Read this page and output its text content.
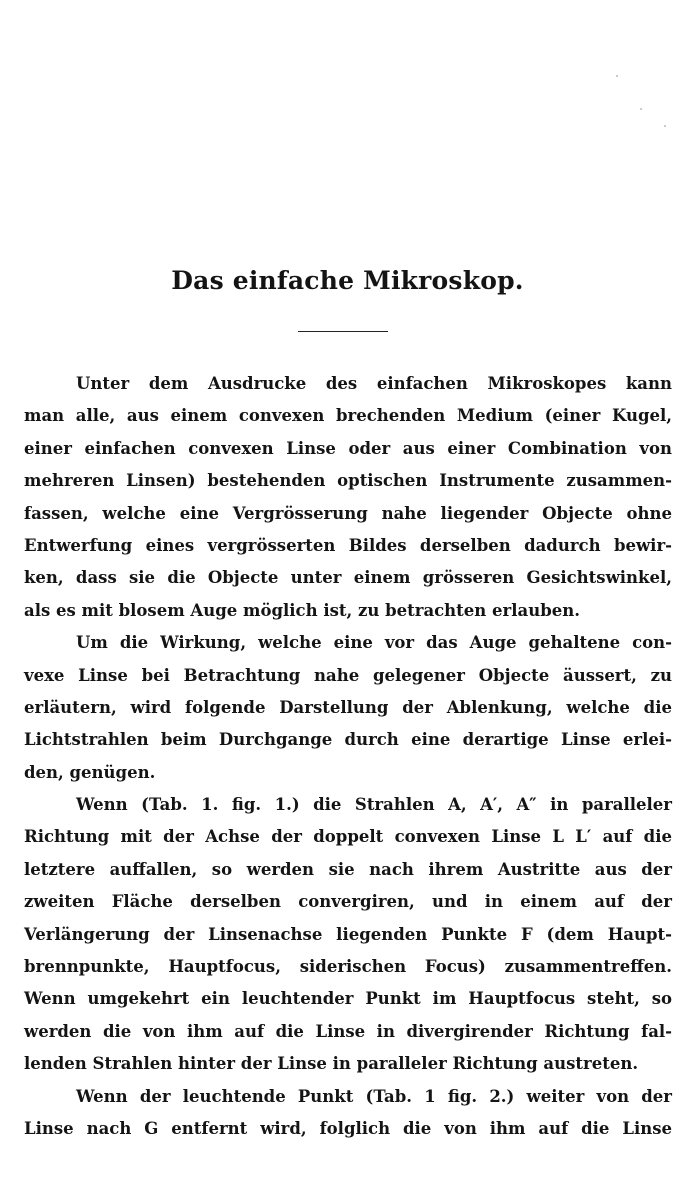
Das einfache Mikroskop.
Unter dem Ausdrucke des einfachen Mikroskopes kann
man alle, aus einem convexen brechenden Medium (einer Kugel,
einer einfachen convexen Linse oder aus einer Combination von
mehreren Linsen) bestehenden optischen Instrumente zusammen-
fassen, welche eine Vergrösserung nahe liegender Objecte ohne
Entwerfung eines vergrösserten Bildes derselben dadurch bewir-
ken, dass sie die Objecte unter einem grösseren Gesichtswinkel,
als es mit blosem Auge möglich ist, zu betrachten erlauben.
Um die Wirkung, welche eine vor das Auge gehaltene con-
vexe Linse bei Betrachtung nahe gelegener Objecte äussert, zu
erläutern, wird folgende Darstellung der Ablenkung, welche die
Lichtstrahlen beim Durchgange durch eine derartige Linse erlei-
den, genügen.
Wenn (Tab. 1. fig. 1.) die Strahlen A, A′, A″ in paralleler
Richtung mit der Achse der doppelt convexen Linse L L′ auf die
letztere auffallen, so werden sie nach ihrem Austritte aus der
zweiten Fläche derselben convergiren, und in einem auf der
Verlängerung der Linsenachse liegenden Punkte F (dem Haupt-
brennpunkte, Hauptfocus, siderischen Focus) zusammentreffen.
Wenn umgekehrt ein leuchtender Punkt im Hauptfocus steht, so
werden die von ihm auf die Linse in divergirender Richtung fal-
lenden Strahlen hinter der Linse in paralleler Richtung austreten.
Wenn der leuchtende Punkt (Tab. 1 fig. 2.) weiter von der
Linse nach G entfernt wird, folglich die von ihm auf die Linse
